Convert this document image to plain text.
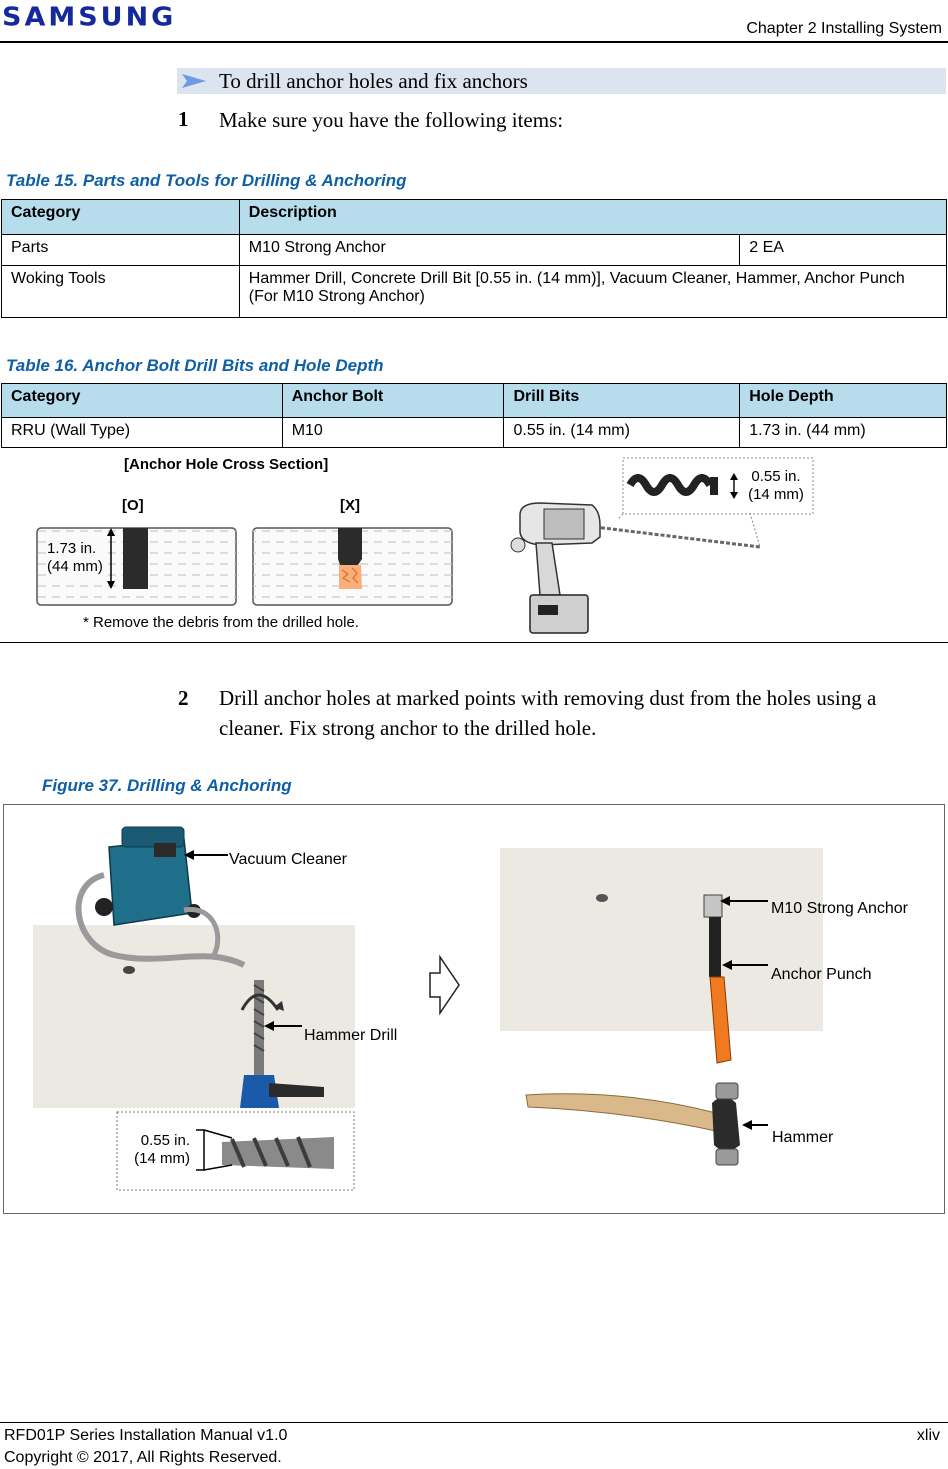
SAMSUNG	Chapter 2 Installing System
To drill anchor holes and fix anchors
1 Make sure you have the following items:
Table 15. Parts and Tools for Drilling & Anchoring
Category	Description	
Parts	M10 Strong Anchor	2 EA
Woking Tools	Hammer Drill, Concrete Drill Bit [0.55 in. (14 mm)], Vacuum Cleaner, Hammer, Anchor Punch (For M10 Strong Anchor)	
Table 16. Anchor Bolt Drill Bits and Hole Depth
Category	Anchor Bolt	Drill Bits	Hole Depth
RRU (Wall Type)	M10	0.55 in. (14 mm)	1.73 in. (44 mm)
[Anchor Hole Cross Section]
[O]	[X]
1.73 in.
(44 mm)
* Remove the debris from the drilled hole.
0.55 in.
(14 mm)
2 Drill anchor holes at marked points with removing dust from the holes using a cleaner. Fix strong anchor to the drilled hole.
Figure 37. Drilling & Anchoring
Vacuum Cleaner
Hammer Drill
0.55 in.
(14 mm)
M10 Strong Anchor
Anchor Punch
Hammer
RFD01P Series Installation Manual v1.0
Copyright © 2017, All Rights Reserved.
xliv
